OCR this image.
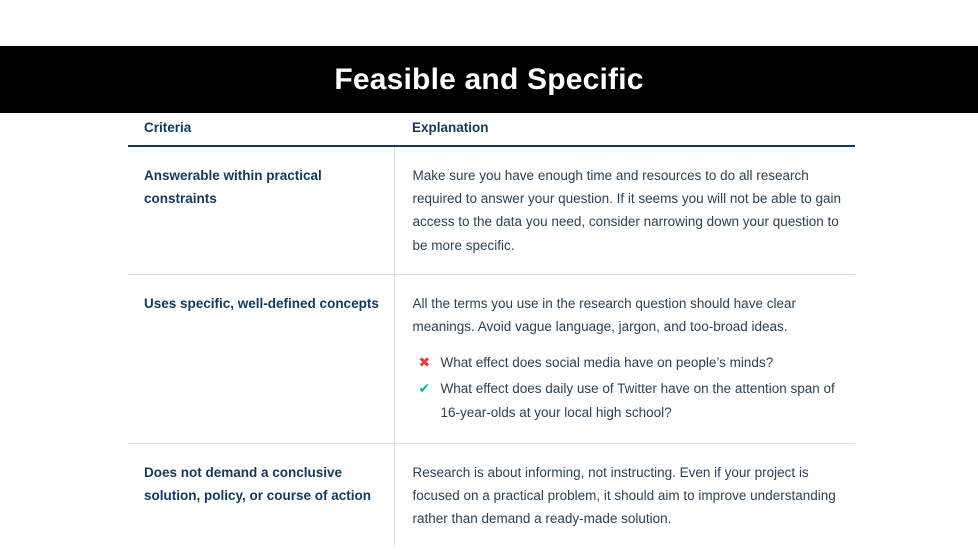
Feasible and Specific
Criteria	Explanation
Answerable within practical constraints	Make sure you have enough time and resources to do all research required to answer your question. If it seems you will not be able to gain access to the data you need, consider narrowing down your question to be more specific.

Uses specific, well-defined concepts	All the terms you use in the research question should have clear meanings. Avoid vague language, jargon, and too-broad ideas.

✖ What effect does social media have on people’s minds?
✔ What effect does daily use of Twitter have on the attention span of 16-year-olds at your local high school?

Does not demand a conclusive solution, policy, or course of action	Research is about informing, not instructing. Even if your project is focused on a practical problem, it should aim to improve understanding rather than demand a ready-made solution.
